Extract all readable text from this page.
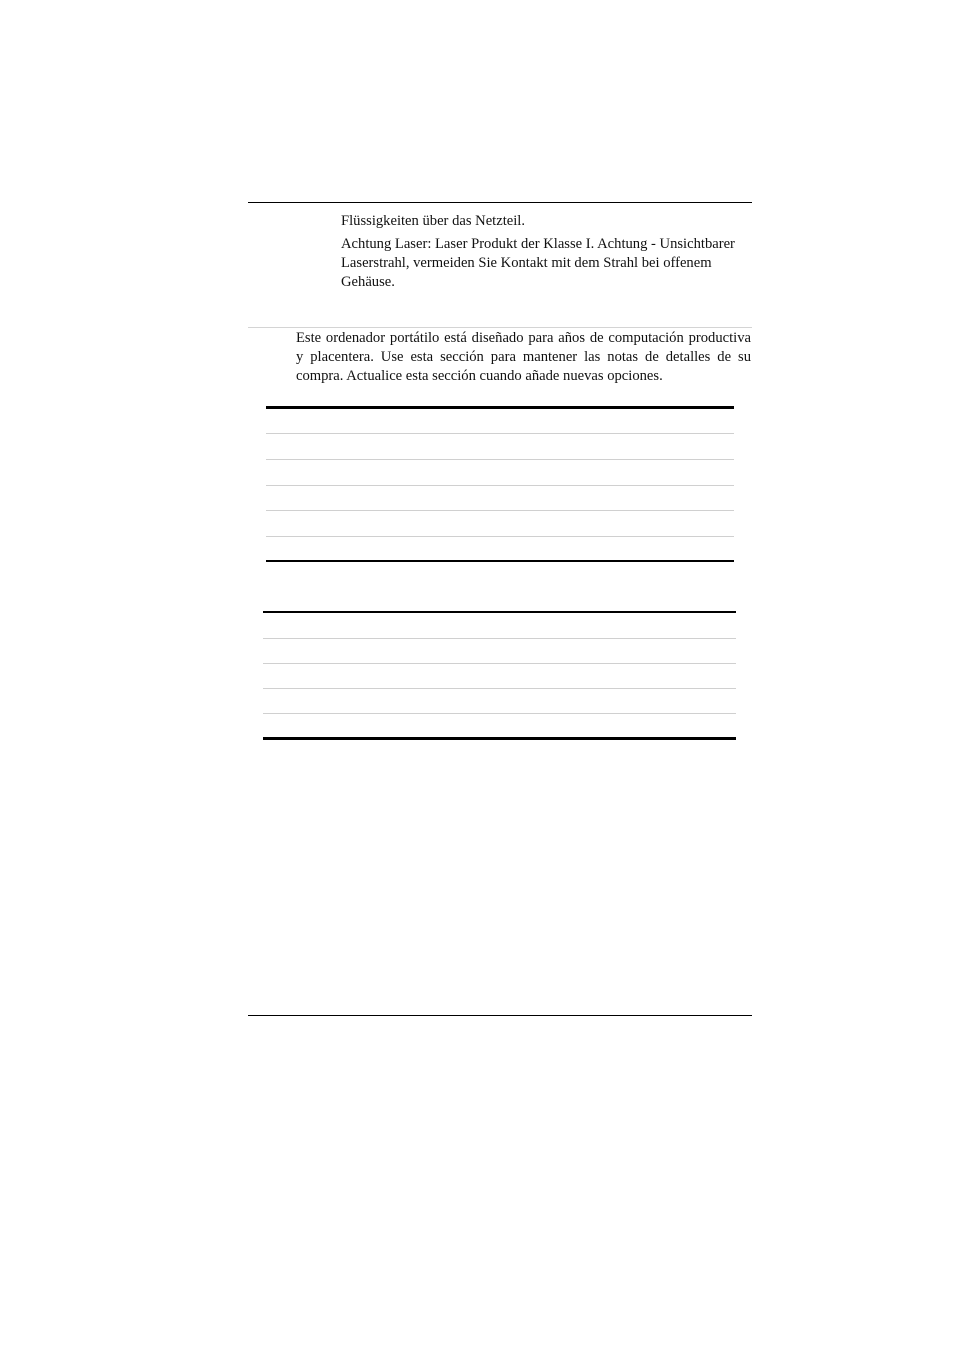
Flüssigkeiten über das Netzteil.

Achtung Laser: Laser Produkt der Klasse I. Achtung - Unsichtbarer Laserstrahl, vermeiden Sie Kontakt mit dem Strahl bei offenem Gehäuse.

Este ordenador portátilo está diseñado para años de computación productiva y placentera. Use esta sección para mantener las notas de detalles de su compra. Actualice esta sección cuando añade nuevas opciones.
